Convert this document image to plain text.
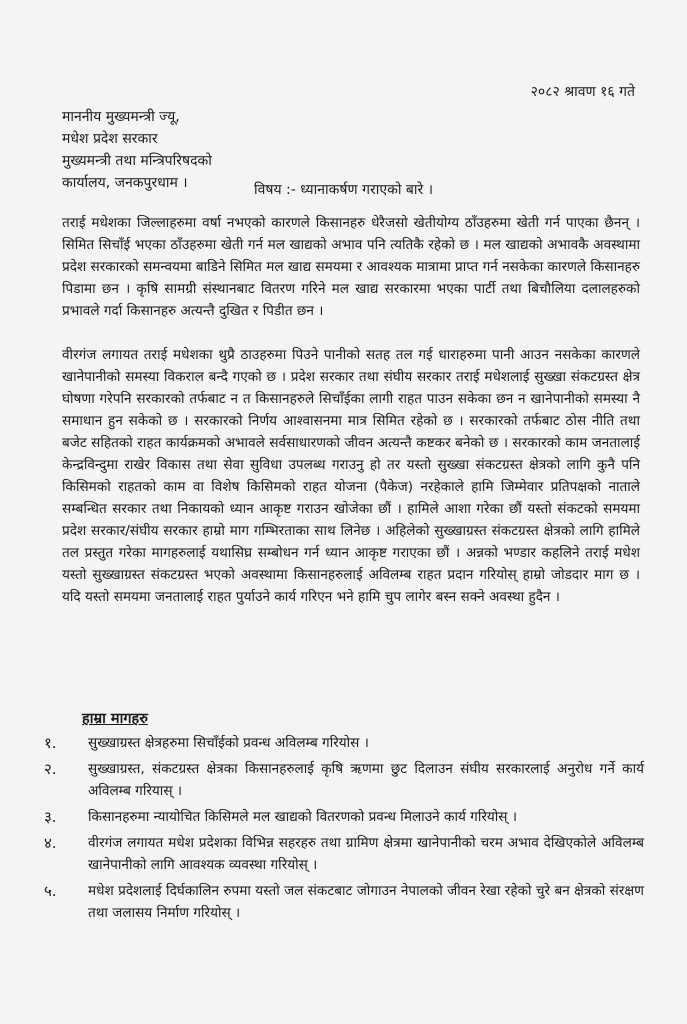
२०८२ श्रावण १६ गते
माननीय मुख्यमन्त्री ज्यू,
मधेश प्रदेश सरकार
मुख्यमन्त्री तथा मन्त्रिपरिषदको
कार्यालय, जनकपुरधाम ।	विषय :- ध्यानाकर्षण गराएको बारे ।

तराई मधेशका जिल्लाहरुमा वर्षा नभएको कारणले किसानहरु धेरैजसो खेतीयोग्य ठाँउहरुमा खेती गर्न पाएका छैनन् । सिमित सिचाँई भएका ठाँउहरुमा खेती गर्न मल खाद्यको अभाव पनि त्यतिकै रहेको छ । मल खाद्यको अभावकै अवस्थामा प्रदेश सरकारको समन्वयमा बाडिने सिमित मल खाद्य समयमा र आवश्यक मात्रामा प्राप्त गर्न नसकेका कारणले किसानहरु पिडामा छन । कृषि सामग्री संस्थानबाट वितरण गरिने मल खाद्य सरकारमा भएका पार्टी तथा बिचौलिया दलालहरुको प्रभावले गर्दा किसानहरु अत्यन्तै दुखित र पिडीत छन ।

वीरगंज लगायत तराई मधेशका थुप्रै ठाउहरुमा पिउने पानीको सतह तल गई धाराहरुमा पानी आउन नसकेका कारणले खानेपानीको समस्या विकराल बन्दै गएको छ । प्रदेश सरकार तथा संघीय सरकार तराई मधेशलाई सुख्खा संकटग्रस्त क्षेत्र घोषणा गरेपनि सरकारको तर्फबाट न त किसानहरुले सिचाँईका लागी राहत पाउन सकेका छन न खानेपानीको समस्या नै समाधान हुन सकेको छ । सरकारको निर्णय आश्वासनमा मात्र सिमित रहेको छ । सरकारको तर्फबाट ठोस नीति तथा बजेट सहितको राहत कार्यक्रमको अभावले सर्वसाधारणको जीवन अत्यन्तै कष्टकर बनेको छ । सरकारको काम जनतालाई केन्द्रविन्दुमा राखेर विकास तथा सेवा सुविधा उपलब्ध गराउनु हो तर यस्तो सुख्खा संकटग्रस्त क्षेत्रको लागि कुनै पनि किसिमको राहतको काम वा विशेष किसिमको राहत योजना (पैकेज) नरहेकाले हामि जिम्मेवार प्रतिपक्षको नाताले सम्बन्धित सरकार तथा निकायको ध्यान आकृष्ट गराउन खोजेका छौं । हामिले आशा गरेका छौं यस्तो संकटको समयमा प्रदेश सरकार/संघीय सरकार हाम्रो माग गम्भिरताका साथ लिनेछ । अहिलेको सुख्खाग्रस्त संकटग्रस्त क्षेत्रको लागि हामिले तल प्रस्तुत गरेका मागहरुलाई यथासिघ्र सम्बोधन गर्न ध्यान आकृष्ट गराएका छौं । अन्नको भण्डार कहलिने तराई मधेश यस्तो सुख्खाग्रस्त संकटग्रस्त भएको अवस्थामा किसानहरुलाई अविलम्ब राहत प्रदान गरियोस् हाम्रो जोडदार माग छ । यदि यस्तो समयमा जनतालाई राहत पुर्याउने कार्य गरिएन भने हामि चुप लागेर बस्न सक्ने अवस्था हुदैन ।

हाम्रा मागहरु
१.	सुख्खाग्रस्त क्षेत्रहरुमा सिचाँईको प्रवन्ध अविलम्ब गरियोस ।
२.	सुख्खाग्रस्त, संकटग्रस्त क्षेत्रका किसानहरुलाई कृषि ऋणमा छुट दिलाउन संघीय सरकारलाई अनुरोध गर्ने कार्य अविलम्ब गरियास् ।
३.	किसानहरुमा न्यायोचित किसिमले मल खाद्यको वितरणको प्रवन्ध मिलाउने कार्य गरियोस् ।
४.	वीरगंज लगायत मधेश प्रदेशका विभिन्न सहरहरु तथा ग्रामिण क्षेत्रमा खानेपानीको चरम अभाव देखिएकोले अविलम्ब खानेपानीको लागि आवश्यक व्यवस्था गरियोस् ।
५.	मधेश प्रदेशलाई दिर्घकालिन रुपमा यस्तो जल संकटबाट जोगाउन नेपालको जीवन रेखा रहेको चुरे बन क्षेत्रको संरक्षण तथा जलासय निर्माण गरियोस् ।
